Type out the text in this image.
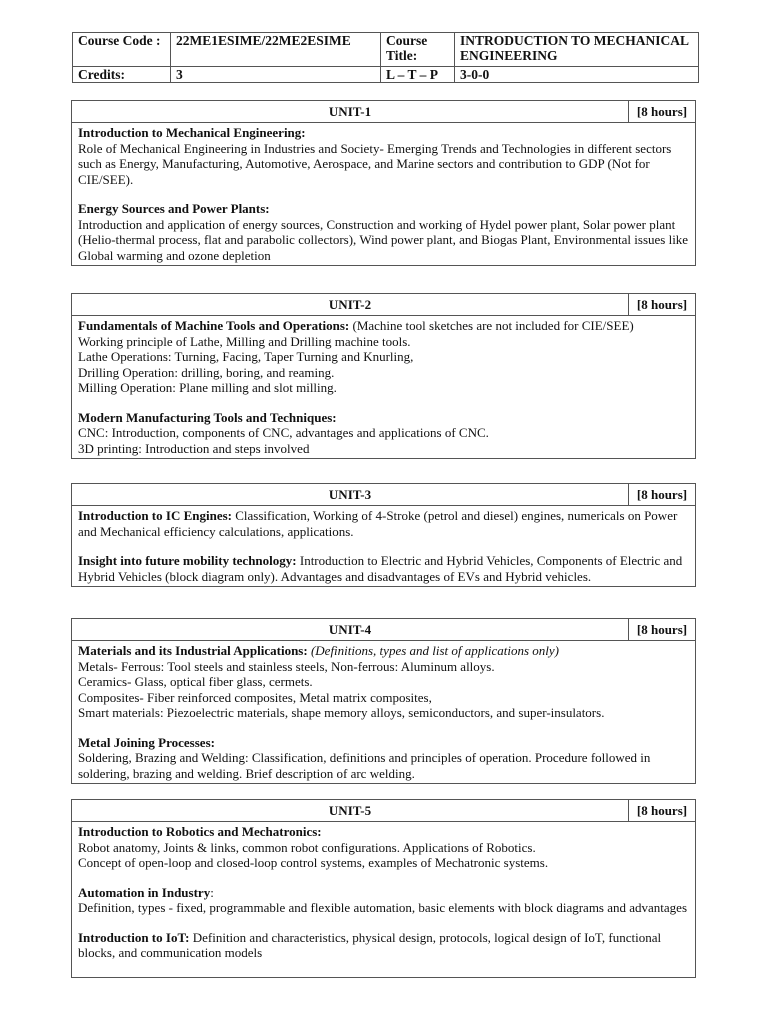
Course Code :	22ME1ESIME/22ME2ESIME	Course Title:	INTRODUCTION TO MECHANICAL ENGINEERING
Credits:	3	L – T – P	3-0-0
UNIT-1	[8 hours]

Introduction to Mechanical Engineering:

Role of Mechanical Engineering in Industries and Society- Emerging Trends and Technologies in different sectors such as Energy, Manufacturing, Automotive, Aerospace, and Marine sectors and contribution to GDP (Not for CIE/SEE).

Energy Sources and Power Plants:

Introduction and application of energy sources, Construction and working of Hydel power plant, Solar power plant (Helio-thermal process, flat and parabolic collectors), Wind power plant, and Biogas Plant, Environmental issues like Global warming and ozone depletion

UNIT-2	[8 hours]

Fundamentals of Machine Tools and Operations: (Machine tool sketches are not included for CIE/SEE)

Working principle of Lathe, Milling and Drilling machine tools.

Lathe Operations: Turning, Facing, Taper Turning and Knurling,

Drilling Operation: drilling, boring, and reaming.

Milling Operation: Plane milling and slot milling.

Modern Manufacturing Tools and Techniques:

CNC: Introduction, components of CNC, advantages and applications of CNC.

3D printing: Introduction and steps involved

UNIT-3	[8 hours]

Introduction to IC Engines: Classification, Working of 4-Stroke (petrol and diesel) engines, numericals on Power and Mechanical efficiency calculations, applications.

Insight into future mobility technology: Introduction to Electric and Hybrid Vehicles, Components of Electric and Hybrid Vehicles (block diagram only). Advantages and disadvantages of EVs and Hybrid vehicles.

UNIT-4	[8 hours]

Materials and its Industrial Applications: (Definitions, types and list of applications only)

Metals- Ferrous: Tool steels and stainless steels, Non-ferrous: Aluminum alloys.

Ceramics- Glass, optical fiber glass, cermets.

Composites- Fiber reinforced composites, Metal matrix composites,

Smart materials: Piezoelectric materials, shape memory alloys, semiconductors, and super-insulators.

Metal Joining Processes:

Soldering, Brazing and Welding: Classification, definitions and principles of operation. Procedure followed in soldering, brazing and welding. Brief description of arc welding.

UNIT-5	[8 hours]

Introduction to Robotics and Mechatronics:

Robot anatomy, Joints & links, common robot configurations. Applications of Robotics.

Concept of open-loop and closed-loop control systems, examples of Mechatronic systems.

Automation in Industry:

Definition, types - fixed, programmable and flexible automation, basic elements with block diagrams and advantages

Introduction to IoT: Definition and characteristics, physical design, protocols, logical design of IoT, functional blocks, and communication models
